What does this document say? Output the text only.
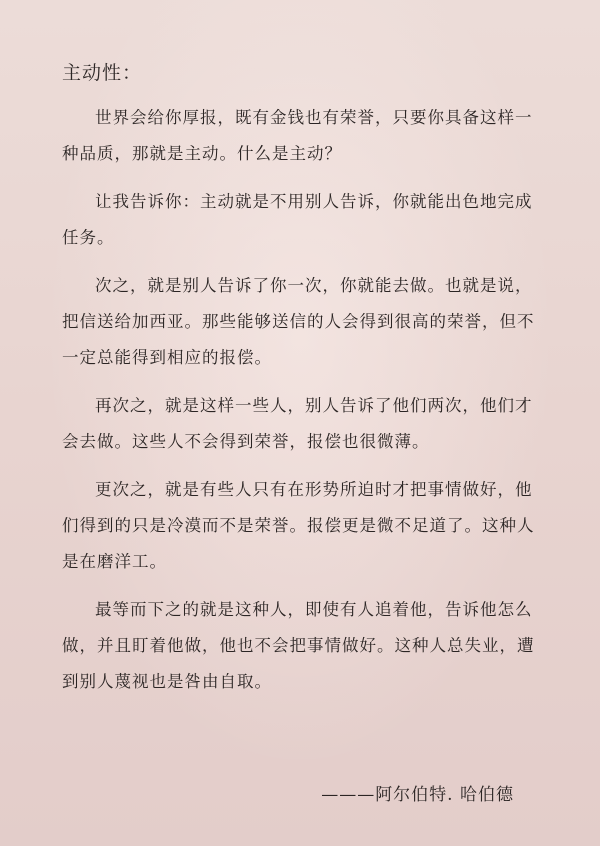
主动性：

世界会给你厚报，既有金钱也有荣誉，只要你具备这样一种品质，那就是主动。什么是主动？

让我告诉你：主动就是不用别人告诉，你就能出色地完成任务。

次之，就是别人告诉了你一次，你就能去做。也就是说，把信送给加西亚。那些能够送信的人会得到很高的荣誉，但不一定总能得到相应的报偿。

再次之，就是这样一些人，别人告诉了他们两次，他们才会去做。这些人不会得到荣誉，报偿也很微薄。

更次之，就是有些人只有在形势所迫时才把事情做好，他们得到的只是冷漠而不是荣誉。报偿更是微不足道了。这种人是在磨洋工。

最等而下之的就是这种人，即使有人追着他，告诉他怎么做，并且盯着他做，他也不会把事情做好。这种人总失业，遭到别人蔑视也是咎由自取。

———阿尔伯特. 哈伯德
